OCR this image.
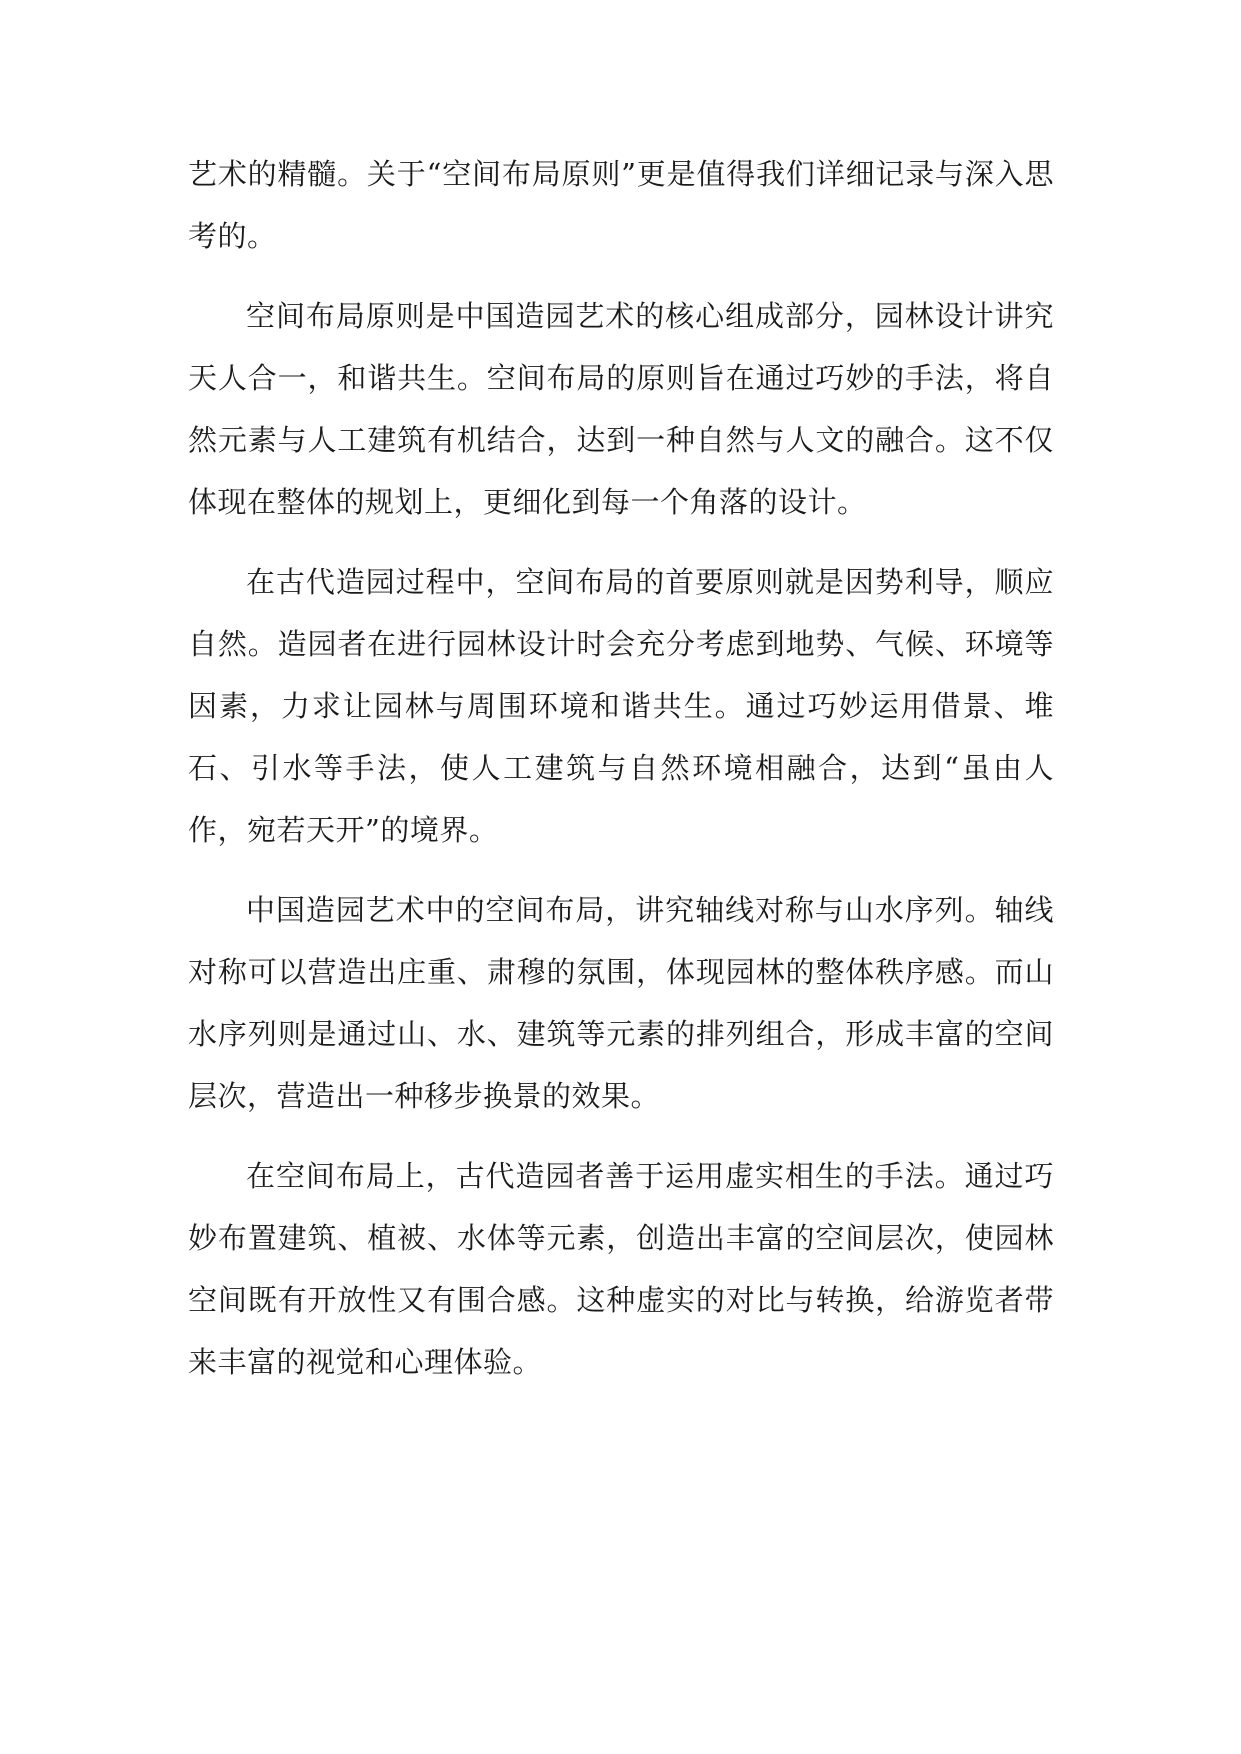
艺术的精髓。关于“空间布局原则”更是值得我们详细记录与深入思考的。

空间布局原则是中国造园艺术的核心组成部分，园林设计讲究天人合一，和谐共生。空间布局的原则旨在通过巧妙的手法，将自然元素与人工建筑有机结合，达到一种自然与人文的融合。这不仅体现在整体的规划上，更细化到每一个角落的设计。

在古代造园过程中，空间布局的首要原则就是因势利导，顺应自然。造园者在进行园林设计时会充分考虑到地势、气候、环境等因素，力求让园林与周围环境和谐共生。通过巧妙运用借景、堆石、引水等手法，使人工建筑与自然环境相融合，达到“虽由人作，宛若天开”的境界。

中国造园艺术中的空间布局，讲究轴线对称与山水序列。轴线对称可以营造出庄重、肃穆的氛围，体现园林的整体秩序感。而山水序列则是通过山、水、建筑等元素的排列组合，形成丰富的空间层次，营造出一种移步换景的效果。

在空间布局上，古代造园者善于运用虚实相生的手法。通过巧妙布置建筑、植被、水体等元素，创造出丰富的空间层次，使园林空间既有开放性又有围合感。这种虚实的对比与转换，给游览者带来丰富的视觉和心理体验。
